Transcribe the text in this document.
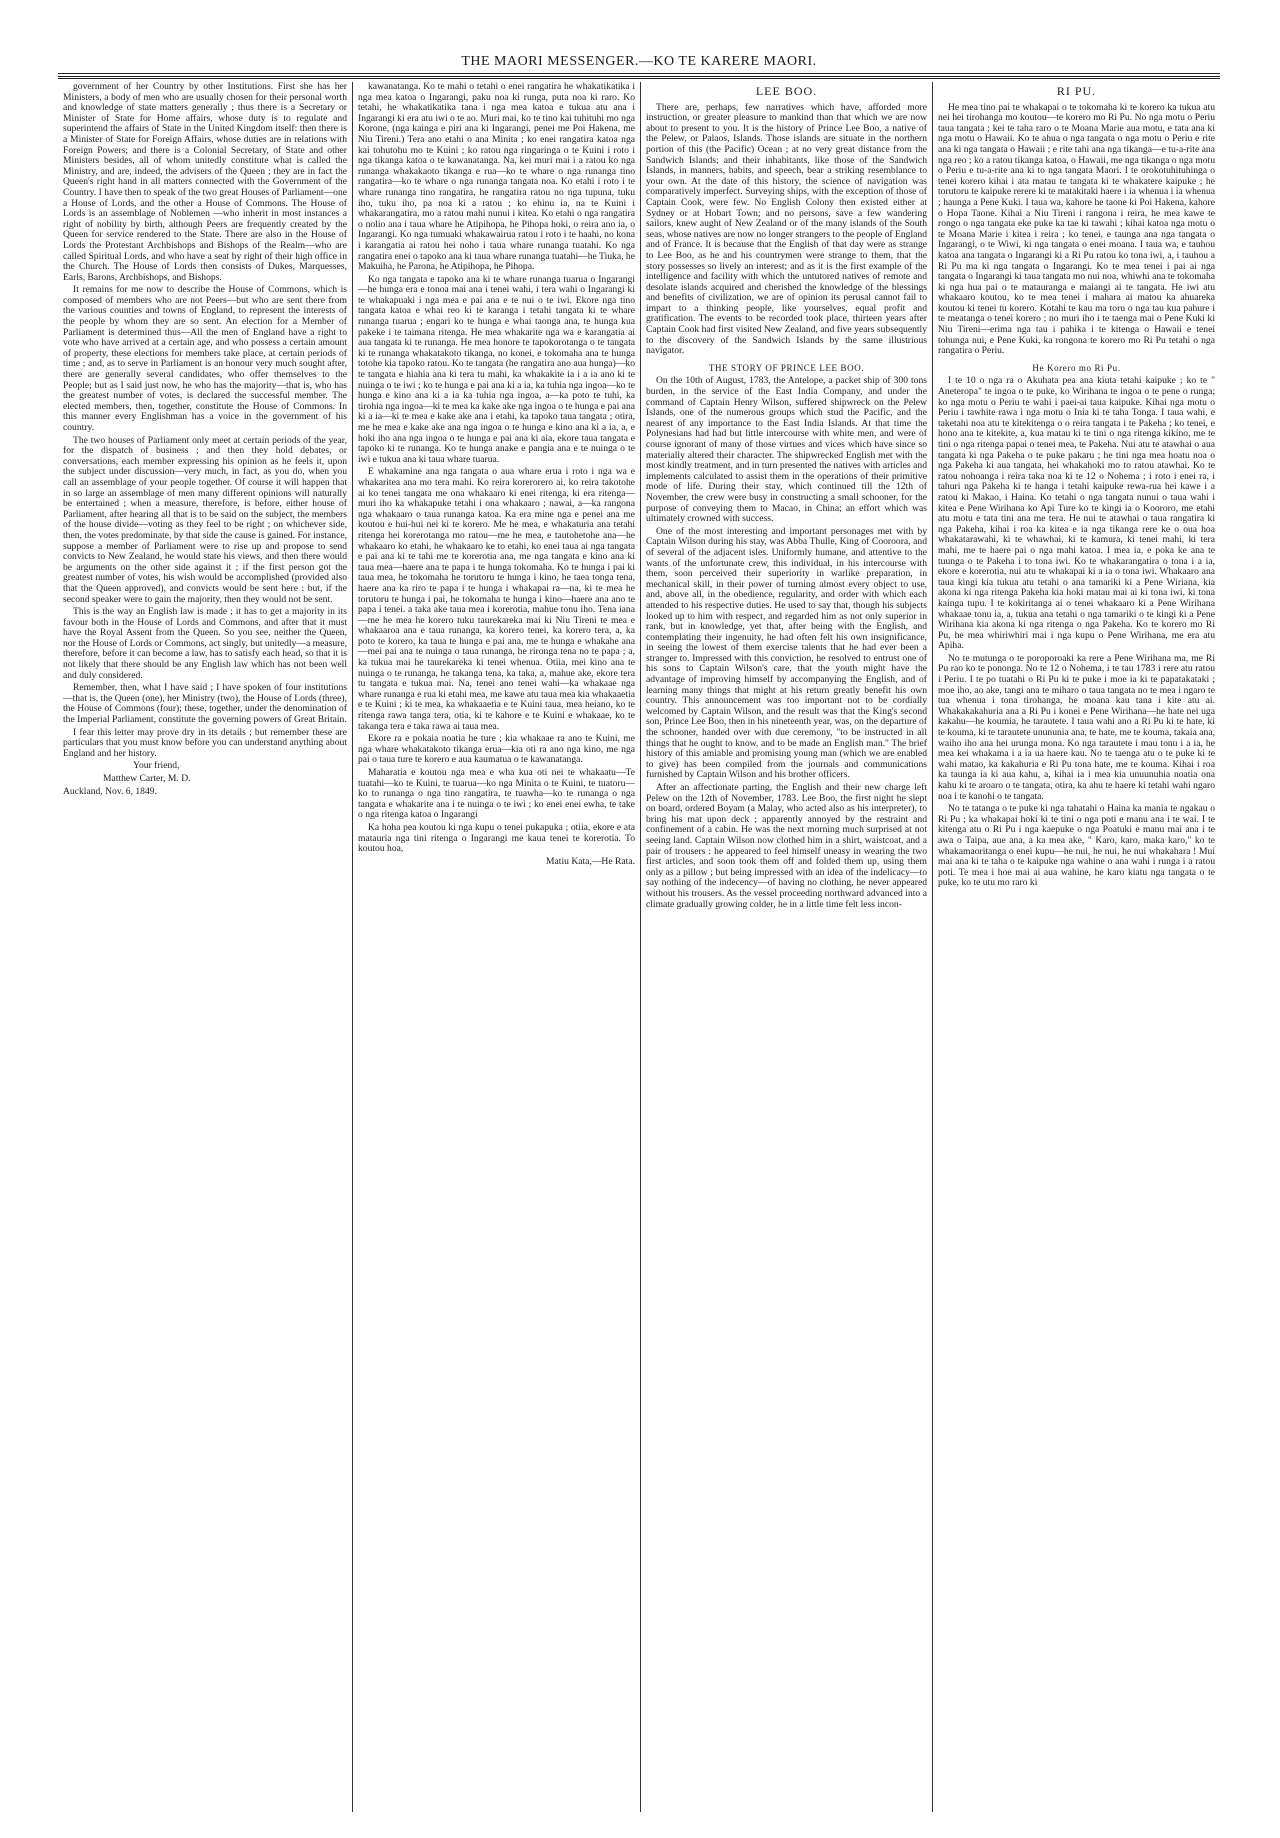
THE MAORI MESSENGER.—KO TE KARERE MAORI.

government of her Country by other Institutions. First she has her Ministers, a body of men who are usually chosen for their personal worth and knowledge of state matters generally ; thus there is a Secretary or Minister of State for Home affairs, whose duty is to regulate and superintend the affairs of State in the United Kingdom itself: then there is a Minister of State for Foreign Affairs, whose duties are in relations with Foreign Powers; and there is a Colonial Secretary, of State and other Ministers besides, all of whom unitedly constitute what is called the Ministry, and are, indeed, the advisers of the Queen ; they are in fact the Queen's right hand in all matters connected with the Government of the Country. I have then to speak of the two great Houses of Parliament—one a House of Lords, and the other a House of Commons. The House of Lords is an assemblage of Noblemen —who inherit in most instances a right of nobility by birth, although Peers are frequently created by the Queen for service rendered to the State. There are also in the House of Lords the Protestant Archbishops and Bishops of the Realm—who are called Spiritual Lords, and who have a seat by right of their high office in the Church. The House of Lords then consists of Dukes, Marquesses, Earls, Barons, Archbishops, and Bishops.

It remains for me now to describe the House of Commons, which is composed of members who are not Peers—but who are sent there from the various counties and towns of England, to represent the interests of the people by whom they are so sent. An election for a Member of Parliament is determined thus—All the men of England have a right to vote who have arrived at a certain age, and who possess a certain amount of property, these elections for members take place, at certain periods of time ; and, as to serve in Parliament is an honour very much sought after, there are generally several candidates, who offer themselves to the People; but as I said just now, he who has the majority—that is, who has the greatest number of votes, is declared the successful member. The elected members, then, together, constitute the House of Commons. In this manner every Englishman has a voice in the government of his country.

The two houses of Parliament only meet at certain periods of the year, for the dispatch of business ; and then they hold debates, or conversations, each member expressing his opinion as he feels it, upon the subject under discussion—very much, in fact, as you do, when you call an assemblage of your people together. Of course it will happen that in so large an assemblage of men many different opinions will naturally be entertained ; when a measure, therefore, is before, either house of Parliament, after hearing all that is to be said on the subject, the members of the house divide—voting as they feel to be right ; on whichever side, then, the votes predominate, by that side the cause is gained. For instance, suppose a member of Parliament were to rise up and propose to send convicts to New Zealand, he would state his views, and then there would be arguments on the other side against it ; if the first person got the greatest number of votes, his wish would be accomplished (provided also that the Queen approved), and convicts would be sent here : but, if the second speaker were to gain the majority, then they would not be sent.

This is the way an English law is made ; it has to get a majority in its favour both in the House of Lords and Commons, and after that it must have the Royal Assent from the Queen. So you see, neither the Queen, nor the House of Lords or Commons, act singly, but unitedly—a measure, therefore, before it can become a law, has to satisfy each head, so that it is not likely that there should be any English law which has not been well and duly considered.

Remember, then, what I have said ; I have spoken of four institutions—that is, the Queen (one), her Ministry (two), the House of Lords (three), the House of Commons (four); these, together, under the denomination of the Imperial Parliament, constitute the governing powers of Great Britain.

I fear this letter may prove dry in its details ; but remember these are particulars that you must know before you can understand anything about England and her history.

Your friend,

Matthew Carter, M. D.

Auckland, Nov. 6, 1849.

kawanatanga. Ko te mahi o tetahi o enei rangatira he whakatikatika i nga mea katoa o Ingarangi, paku noa ki runga, puta noa ki raro. Ko tetahi, he whakatikatika tana i nga mea katoa e tukua atu ana i Ingarangi ki era atu iwi o te ao. Muri mai, ko te tino kai tuhituhi mo nga Korone, (nga kainga e piri ana ki Ingarangi, penei me Poi Hakena, me Niu Tireni.) Tera ano etahi o ana Minita ; ko enei rangatira katoa nga kai tohutohu mo te Kuini ; ko ratou nga ringaringa o te Kuini i roto i nga tikanga katoa o te kawanatanga. Na, kei muri mai i a ratou ko nga runanga whakakaoto tikanga e rua—ko te whare o nga runanga tino rangatira—ko te whare o nga runanga tangata noa. Ko etahi i roto i te whare runanga tino rangatira, he rangatira ratou no nga tupuna, tuku iho, tuku iho, pa noa ki a ratou ; ko ehinu ia, na te Kuini i whakarangatira, mo a ratou mahi nunui i kitea. Ko etahi o nga rangatira o nolio ana i taua whare he Atipihopa, he Pihopa hoki, o reira ano ia, o Ingarangi. Ko nga tumuaki whakawairua ratou i roto i te haahi, no kona i karangatia ai ratou hei noho i taua whare runanga tuatahi. Ko nga rangatira enei o tapoko ana ki taua whare runanga tuatahi—he Tiuka, he Makuiha, he Parona, he Atipihopa, he Pihopa.

Ko nga tangata e tapoko ana ki te whare runanga tuarua o Ingarangi—he hunga era e tonoa mai ana i tenei wahi, i tera wahi o Ingarangi ki te whakapuaki i nga mea e pai ana e te nui o te iwi. Ekore nga tino tangata katoa e whai reo ki te karanga i tetahi tangata ki te whare runanga tuarua ; engari ko te hunga e whai taonga ana, te hunga kua pakeke i te taimana ritenga. He mea whakarite nga wa e karangatia ai aua tangata ki te runanga. He mea honore te tapokorotanga o te tangata ki te runanga whakatakoto tikanga, no konei, e tokomaha ana te hunga totohe kia tapoko ratou. Ko te tangata (he rangatira ano aua hunga)—ko te tangata e hiahia ana ki tera tu mahi, ka whakakite ia i a ia ano ki te nuinga o te iwi ; ko te hunga e pai ana ki a ia, ka tuhia nga ingoa—ko te hunga e kino ana ki a ia ka tuhia nga ingoa, a—ka poto te tuhi, ka tirohia nga ingoa—ki te mea ka kake ake nga ingoa o te hunga e pai ana ki a ia—ki te mea e kake ake ana i etahi, ka tapoko taua tangata ; otira, me he mea e kake ake ana nga ingoa o te hunga e kino ana ki a ia, a, e hoki iho ana nga ingoa o te hunga e pai ana ki aia, ekore taua tangata e tapoko ki te runanga. Ko te hunga anake e pangia ana e te nuinga o te iwi e tukua ana ki taua whare tuarua.

E whakamine ana nga tangata o aua whare erua i roto i nga wa e whakaritea ana mo tera mahi. Ko reira korerorero ai, ko reira takotohe ai ko tenei tangata me ona whakaaro ki enei ritenga, ki era ritenga—muri iho ka whakapuke tetahi i ona whakaaro ; nawai, a—ka rangona nga whakaaro o taua runanga katoa. Ka era mine nga e penei ana me koutou e hui-hui nei ki te korero. Me he mea, e whakaturia ana tetahi ritenga hei korerotanga mo ratou—me he mea, e tautohetohe ana—he whakaaro ko etahi, he whakaaro ke to etahi, ko enei taua ai nga tangata e pai ana ki te tahi me te korerotia ana, me nga tangata e kino ana ki taua mea—haere ana te papa i te hunga tokomaha. Ko te hunga i pai ki taua mea, he tokomaha he torutoru te hunga i kino, he taea tonga tena, haere ana ka riro te papa i te hunga i whakapai ra—na, ki te mea he torutoru te hunga i pai, he tokomaha te hunga i kino—haere ana ano te papa i tenei. a taka ake taua mea i korerotia, mahue tonu iho. Tena iana—me he mea he korero tuku taurekareka mai ki Niu Tireni te mea e whakaaroa ana e taua runanga, ka korero tenei, ka korero tera, a, ka poto te korero, ka taua te hunga e pai ana, me te hunga e whakahe ana—mei pai ana te nuinga o taua runanga, he rironga tena no te papa ; a, ka tukua mai he taurekareka ki tenei whenua. Otiia, mei kino ana te nuinga o te runanga, he takanga tena, ka taka, a, mahue ake, ekore tera tu tangata e tukua mai. Na, tenei ano tenei wahi—ka whakaae nga whare runanga e rua ki etahi mea, me kawe atu taua mea kia whakaaetia e te Kuini ; ki te mea, ka whakaaetia e te Kuini taua, mea heiano, ko te ritenga rawa tanga tera, otia, ki te kahore e te Kuini e whakaae, ko te takanga tera e taka rawa ai taua mea.

Ekore ra e pokaia noatia he ture ; kia whakaae ra ano te Kuini, me nga whare whakatakoto tikanga erua—kia oti ra ano nga kino, me nga pai o taua ture te korero e aua kaumatua o te kawanatanga.

Maharatia e koutou nga mea e wha kua oti nei te whakaatu—Te tuatahi—ko te Kuini, te tuarua—ko nga Minita o te Kuini, te tuatoru—ko to runanga o nga tino rangatira, te tuawha—ko te runanga o nga tangata e whakarite ana i te nuinga o te iwi ; ko enei enei ewha, te take o nga ritenga katoa o Ingarangi

Ka hoha pea koutou ki nga kupu o tenei pukapuka ; otiia, ekore e ata matauria nga tini ritenga o Ingarangi me kaua tenei te korerotia. To koutou hoa,

Matiu Kata,—He Rata.

LEE BOO.

There are, perhaps, few narratives which have, afforded more instruction, or greater pleasure to mankind than that which we are now about to present to you. It is the history of Prince Lee Boo, a native of the Pelew, or Palaos, Islands. Those islands are situate in the northern portion of this (the Pacific) Ocean ; at no very great distance from the Sandwich Islands; and their inhabitants, like those of the Sandwich Islands, in manners, habits, and speech, bear a striking resemblance to your own. At the date of this history, the science of navigation was comparatively imperfect. Surveying ships, with the exception of those of Captain Cook, were few. No English Colony then existed either at Sydney or at Hobart Town; and no persons, save a few wandering sailors, knew aught of New Zealand or of the many islands of the South seas, whose natives are now no longer strangers to the people of England and of France. It is because that the English of that day were as strange to Lee Boo, as he and his countrymen were strange to them, that the story possesses so lively an interest; and as it is the first example of the intelligence and facility with which the untutored natives of remote and desolate islands acquired and cherished the knowledge of the blessings and benefits of civilization, we are of opinion its perusal cannot fail to impart to a thinking people, like yourselves, equal profit and gratification. The events to be recorded took place, thirteen years after Captain Cook had first visited New Zealand, and five years subsequently to the discovery of the Sandwich Islands by the same illustrious navigator.

THE STORY OF PRINCE LEE BOO.

On the 10th of August, 1783, the Antelope, a packet ship of 300 tons burden, in the service of the East India Company, and under the command of Captain Henry Wilson, suffered shipwreck on the Pelew Islands, one of the numerous groups which stud the Pacific, and the nearest of any importance to the East India Islands. At that time the Polynesians had had but little intercourse with white men, and were of course ignorant of many of those virtues and vices which have since so materially altered their character. The shipwrecked English met with the most kindly treatment, and in turn presented the natives with articles and implements calculated to assist them in the operations of their primitive mode of life. During their stay, which continued till the 12th of November, the crew were busy in constructing a small schooner, for the purpose of conveying them to Macao, in China; an effort which was ultimately crowned with success.

One of the most interesting and important personages met with by Captain Wilson during his stay, was Abba Thulle, King of Cooroora, and of several of the adjacent isles. Uniformly humane, and attentive to the wants of the unfortunate crew, this individual, in his intercourse with them, soon perceived their superiority in warlike preparation, in mechanical skill, in their power of turning almost every object to use, and, above all, in the obedience, regularity, and order with which each attended to his respective duties. He used to say that, though his subjects looked up to him with respect, and regarded him as not only superior in rank, but in knowledge, yet that, after being with the English, and contemplating their ingenuity, he had often felt his own insignificance, in seeing the lowest of them exercise talents that he had ever been a stranger to. Impressed with this conviction, he resolved to entrust one of his sons to Captain Wilson's care, that the youth might have the advantage of improving himself by accompanying the English, and of learning many things that might at his return greatly benefit his own country. This announcement was too important not to be cordially welcomed by Captain Wilson, and the result was that the King's second son, Prince Lee Boo, then in his nineteenth year, was, on the departure of the schooner, handed over with due ceremony, "to be instructed in all things that he ought to know, and to be made an English man." The brief history of this amiable and promising young man (which we are enabled to give) has been compiled from the journals and communications furnished by Captain Wilson and his brother officers.

After an affectionate parting, the English and their new charge left Pelew on the 12th of November, 1783. Lee Boo, the first night he slept on board, ordered Boyam (a Malay, who acted also as his interpreter), to bring his mat upon deck ; apparently annoyed by the restraint and confinement of a cabin. He was the next morning much surprised at not seeing land. Captain Wilson now clothed him in a shirt, waistcoat, and a pair of trousers : he appeared to feel himself uneasy in wearing the two first articles, and soon took them off and folded them up, using them only as a pillow ; but being impressed with an idea of the indelicacy—to say nothing of the indecency—of having no clothing, he never appeared without his trousers. As the vessel proceeding northward advanced into a climate gradually growing colder, he in a little time felt less incon-

RI PU.

He mea tino pai te whakapai o te tokomaha ki te korero ka tukua atu nei hei tirohanga mo koutou—te korero mo Ri Pu. No nga motu o Periu taua tangata ; kei te taha raro o te Moana Marie aua motu, e tata ana ki nga motu o Hawaii. Ko te ahua o nga tangata o nga motu o Periu e rite ana ki nga tangata o Hawaii ; e rite tahi ana nga tikanga—e tu-a-rite ana nga reo ; ko a ratou tikanga katoa, o Hawaii, me nga tikanga o nga motu o Periu e tu-a-rite ana ki to nga tangata Maori. I te orokotuhituhinga o tenei korero kihai i ata matau te tangata ki te whakatere kaipuke ; he torutoru te kaipuke rerere ki te matakitaki haere i ia whenua i ia whenua ; haunga a Pene Kuki. I taua wa, kahore he taone ki Poi Hakena, kahore o Hopa Taone. Kihai a Niu Tireni i rangona i reira, he mea kawe te rongo o nga tangata eke puke ka tae ki tawahi ; kihai katoa nga motu o te Moana Marie i kitea i reira ; ko tenei, e taunga ana nga tangata o Ingarangi, o te Wiwi, ki nga tangata o enei moana. I taua wa, e tauhou katoa ana tangata o Ingarangi ki a Ri Pu ratou ko tona iwi, a, i tauhou a Ri Pu ma ki nga tangata o Ingarangi. Ko te mea tenei i pai ai nga tangata o Ingarangi ki taua tangata mo nui noa, whiwhi ana te tokomaha ki nga hua pai o te matauranga e maiangi ai te tangata. He iwi atu whakaaro koutou, ko te mea tenei i mahara ai matou ka ahuareka koutou ki tenei tu korero. Kotahi te kau ma toru o nga tau kua pahure i te meatanga o tenei korero ; no muri iho i te taenga mai o Pene Kuki ki Niu Tireni—erima nga tau i pahika i te kitenga o Hawaii e tenei tohunga nui, e Pene Kuki, ka rongona te korero mo Ri Pu tetahi o nga rangatira o Periu.

He Korero mo Ri Pu.

I te 10 o nga ra o Akuhata pea ana kiuta tetahi kaipuke ; ko te " Aneteropa" te ingoa o te puke, ko Wirihana te ingoa o te pene o runga; ko nga motu o Periu te wahi i paei-ai taua kaipuke. Kihai nga motu o Periu i tawhite rawa i nga motu o Inia ki te taha Tonga. I taua wahi, e taketahi noa atu te kitekitenga o o reira tangata i te Pakeha ; ko tenei, e hono ana te kitekite, a, kua matau ki te tini o nga ritenga kikino, me te tini o nga ritenga papai o tenei mea, te Pakeha. Nui atu te atawhai o aua tangata ki nga Pakeha o te puke pakaru ; he tini nga mea hoatu noa o nga Pakeha ki aua tangata, hei whakahoki mo to ratou atawhai. Ko te ratou nohoanga i reira taka noa ki te 12 o Nohema ; i roto i enei ra, i tahuri nga Pakeha ki te hanga i tetahi kaipuke rewa-rua hei kawe i a ratou ki Makao, i Haina. Ko tetahi o nga tangata nunui o taua wahi i kitea e Pene Wirihana ko Api Ture ko te kingi ia o Koororo, me etahi atu motu e tata tini ana me tera. He nui te atawhai o taua rangatira ki nga Pakeha, kihai i roa ka kitea e ia nga tikanga rere ke o oua hoa whakatarawahi, ki te whawhai, ki te kamura, ki tenei mahi, ki tera mahi, me te haere pai o nga mahi katoa. I mea ia, e poka ke ana te tuunga o te Pakeha i to tona iwi. Ko te whakarangatira o tona i a ia, ekore e korerotia, nui atu te whakapai ki a ia o tona iwi. Whakaaro ana taua kingi kia tukua atu tetahi o ana tamariki ki a Pene Wiriana, kia akona ki nga ritenga Pakeha kia hoki matau mai ai ki tona iwi, ki tona kainga tupu. I te kokiritanga ai o tenei whakaaro ki a Pene Wirihana whakaae tonu ia, a, tukua ana tetahi o nga tamariki o te kingi ki a Pene Wirihana kia akona ki nga ritenga o nga Pakeha. Ko te korero mo Ri Pu, he mea whiriwhiri mai i nga kupu o Pene Wirihana, me era atu Apiha.

No te mutunga o te poroporoaki ka rere a Pene Wirihana ma, me Ri Pu rao ko te pononga. No te 12 o Nohema, i te tau 1783 i rere atu ratou i Periu. I te po tuatahi o Ri Pu ki te puke i moe ia ki te papatakataki ; moe iho, ao ake, tangi ana te miharo o taua tangata no te mea i ngaro te tua whenua i tona tirohanga, he moana kau tana i kite atu ai. Whakakakahuria ana a Ri Pu i konei e Pene Wirihana—he hate nei uga kakahu—he koumia, he tarautete. I taua wahi ano a Ri Pu ki te hate, ki te kouma, ki te tarautete unununia ana, te hate, me te kouma, takaia ana, waiho iho ana hei urunga mona. Ko nga tarautete i mau tonu i a ia, he mea kei whakama i a ia ua haere kau. No te taenga atu o te puke ki te wahi matao, ka kakahuria e Ri Pu tona hate, me te kouma. Kihai i roa ka taunga ia ki aua kahu, a, kihai ia i mea kia unuunuhia noatia ona kahu ki te aroaro o te tangata, otira, ka ahu te haere ki tetahi wahi ngaro noa i te kanohi o te tangata.

No te tatanga o te puke ki nga tahatahi o Haina ka mania te ngakau o Ri Pu ; ka whakapai hoki ki te tini o nga poti e manu ana i te wai. I te kitenga atu o Ri Pu i nga kaepuke o nga Poatuki e manu mai ana i te awa o Taipa, aue ana, a ka mea ake, " Karo, karo, maka karo," ko te whakamaoritanga o enei kupu—he nui, he nui, he nui whakahara ! Mui mai ana ki te taha o te kaipuke nga wahine o ana wahi i runga i a ratou poti. Te mea i hoe mai ai aua wahine, he karo kiatu nga tangata o te puke, ko te utu mo raro ki
